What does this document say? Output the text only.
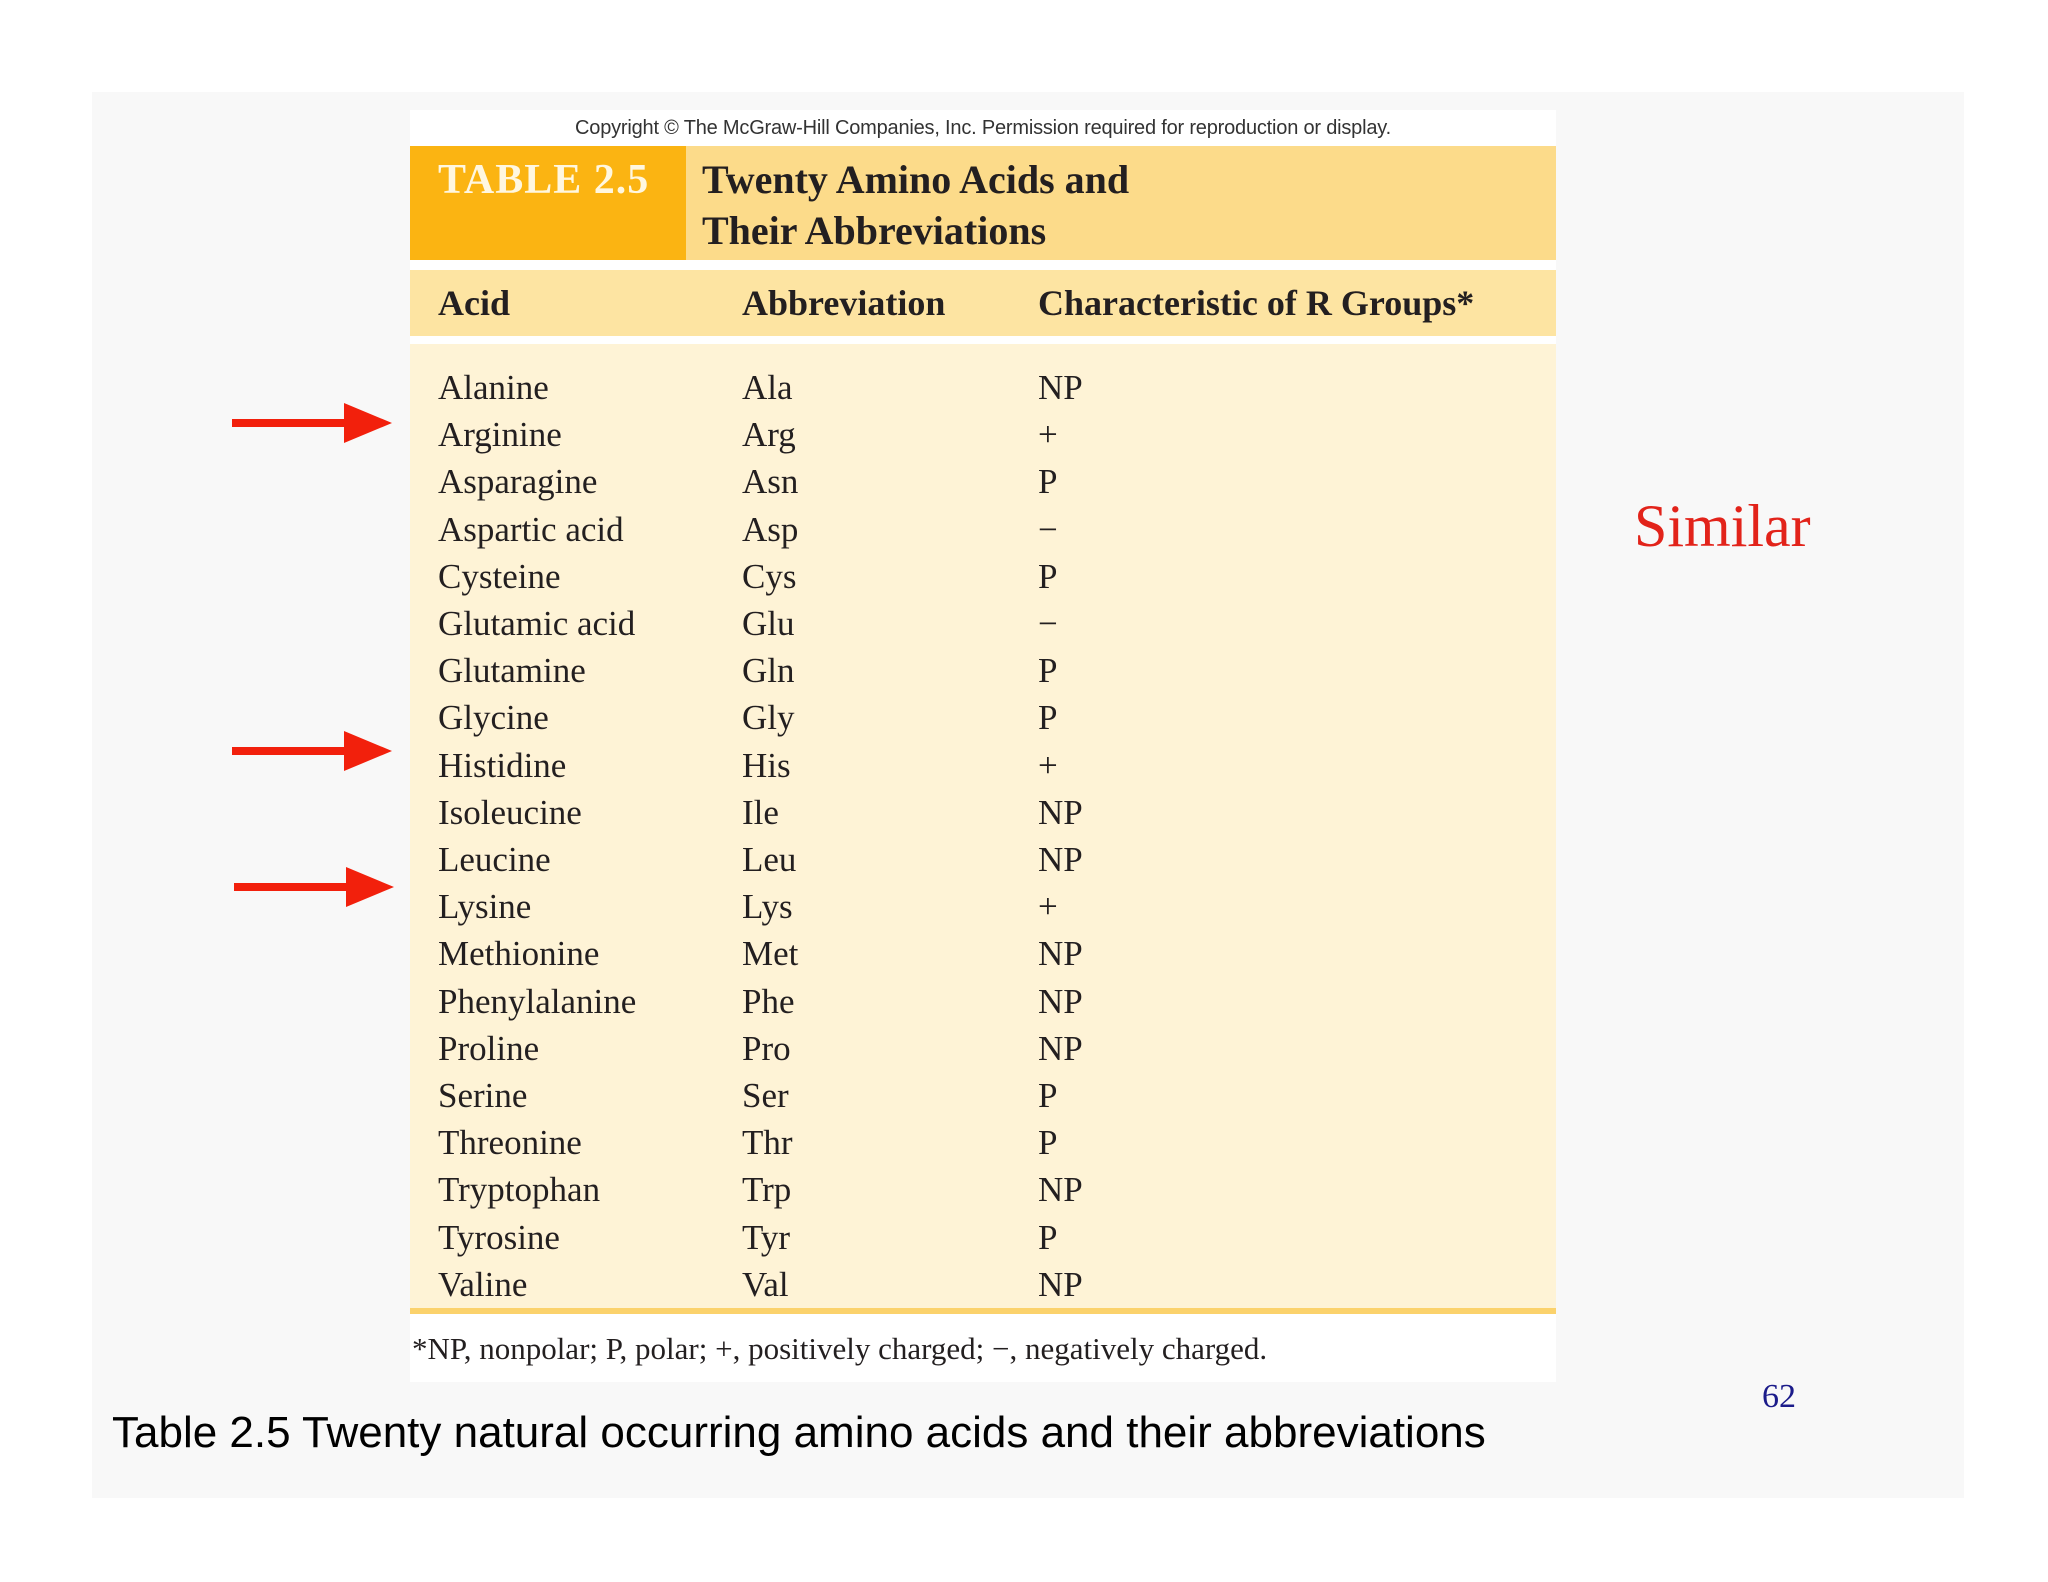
Copyright © The McGraw-Hill Companies, Inc. Permission required for reproduction or display.
TABLE 2.5	Twenty Amino Acids and
Their Abbreviations
Acid	Abbreviation	Characteristic of R Groups*
Alanine	Ala	NP
Arginine	Arg	+
Asparagine	Asn	P
Aspartic acid	Asp	−
Cysteine	Cys	P
Glutamic acid	Glu	−
Glutamine	Gln	P
Glycine	Gly	P
Histidine	His	+
Isoleucine	Ile	NP
Leucine	Leu	NP
Lysine	Lys	+
Methionine	Met	NP
Phenylalanine	Phe	NP
Proline	Pro	NP
Serine	Ser	P
Threonine	Thr	P
Tryptophan	Trp	NP
Tyrosine	Tyr	P
Valine	Val	NP
*NP, nonpolar; P, polar; +, positively charged; −, negatively charged.
Similar
62
Table 2.5 Twenty natural occurring amino acids and their abbreviations
